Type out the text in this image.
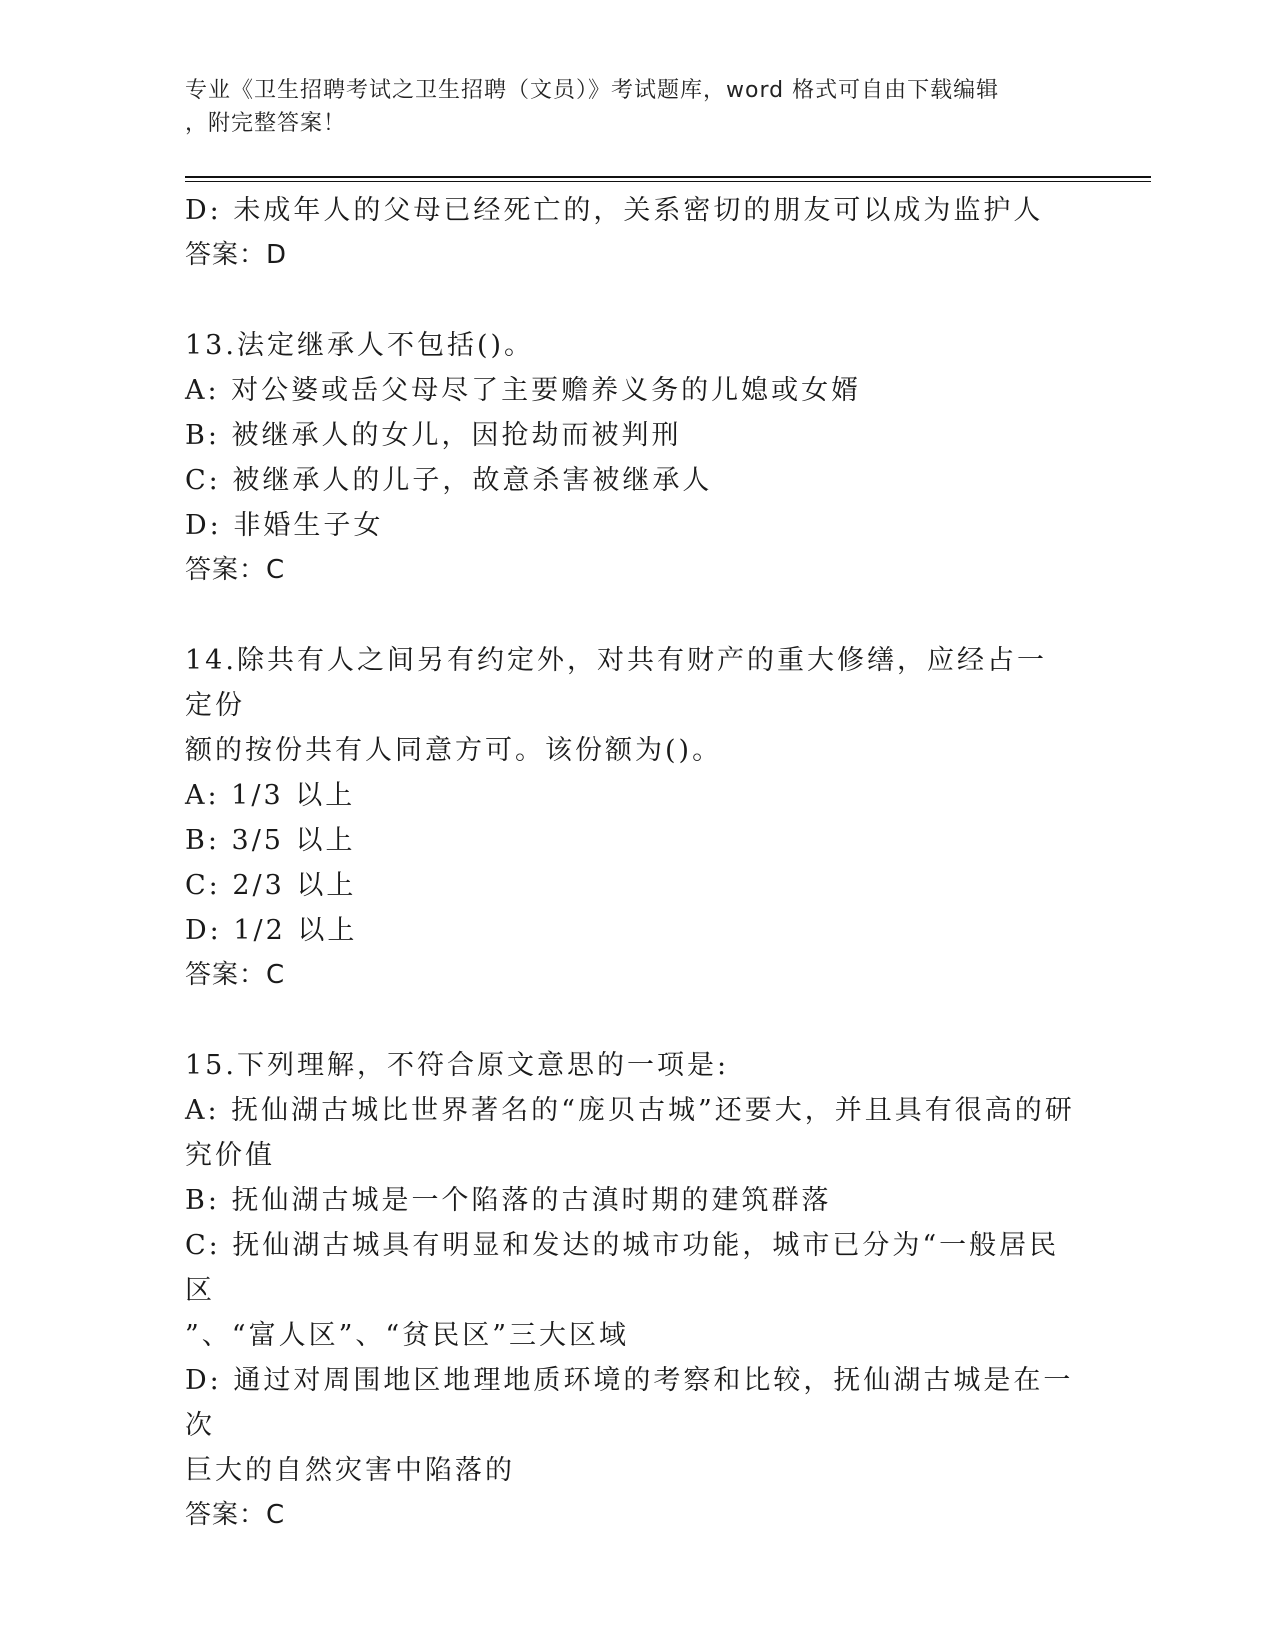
专业《卫生招聘考试之卫生招聘（文员）》考试题库，word 格式可自由下载编辑
，附完整答案！
D: 未成年人的父母已经死亡的，关系密切的朋友可以成为监护人
答案：D
13.法定继承人不包括()。
A: 对公婆或岳父母尽了主要赡养义务的儿媳或女婿
B: 被继承人的女儿，因抢劫而被判刑
C: 被继承人的儿子，故意杀害被继承人
D: 非婚生子女
答案：C
14.除共有人之间另有约定外，对共有财产的重大修缮，应经占一定份
额的按份共有人同意方可。该份额为()。
A: 1/3 以上
B: 3/5 以上
C: 2/3 以上
D: 1/2 以上
答案：C
15.下列理解，不符合原文意思的一项是:
A: 抚仙湖古城比世界著名的“庞贝古城”还要大，并且具有很高的研
究价值
B: 抚仙湖古城是一个陷落的古滇时期的建筑群落
C: 抚仙湖古城具有明显和发达的城市功能，城市已分为“一般居民区
”、“富人区”、“贫民区”三大区域
D: 通过对周围地区地理地质环境的考察和比较，抚仙湖古城是在一次
巨大的自然灾害中陷落的
答案：C
